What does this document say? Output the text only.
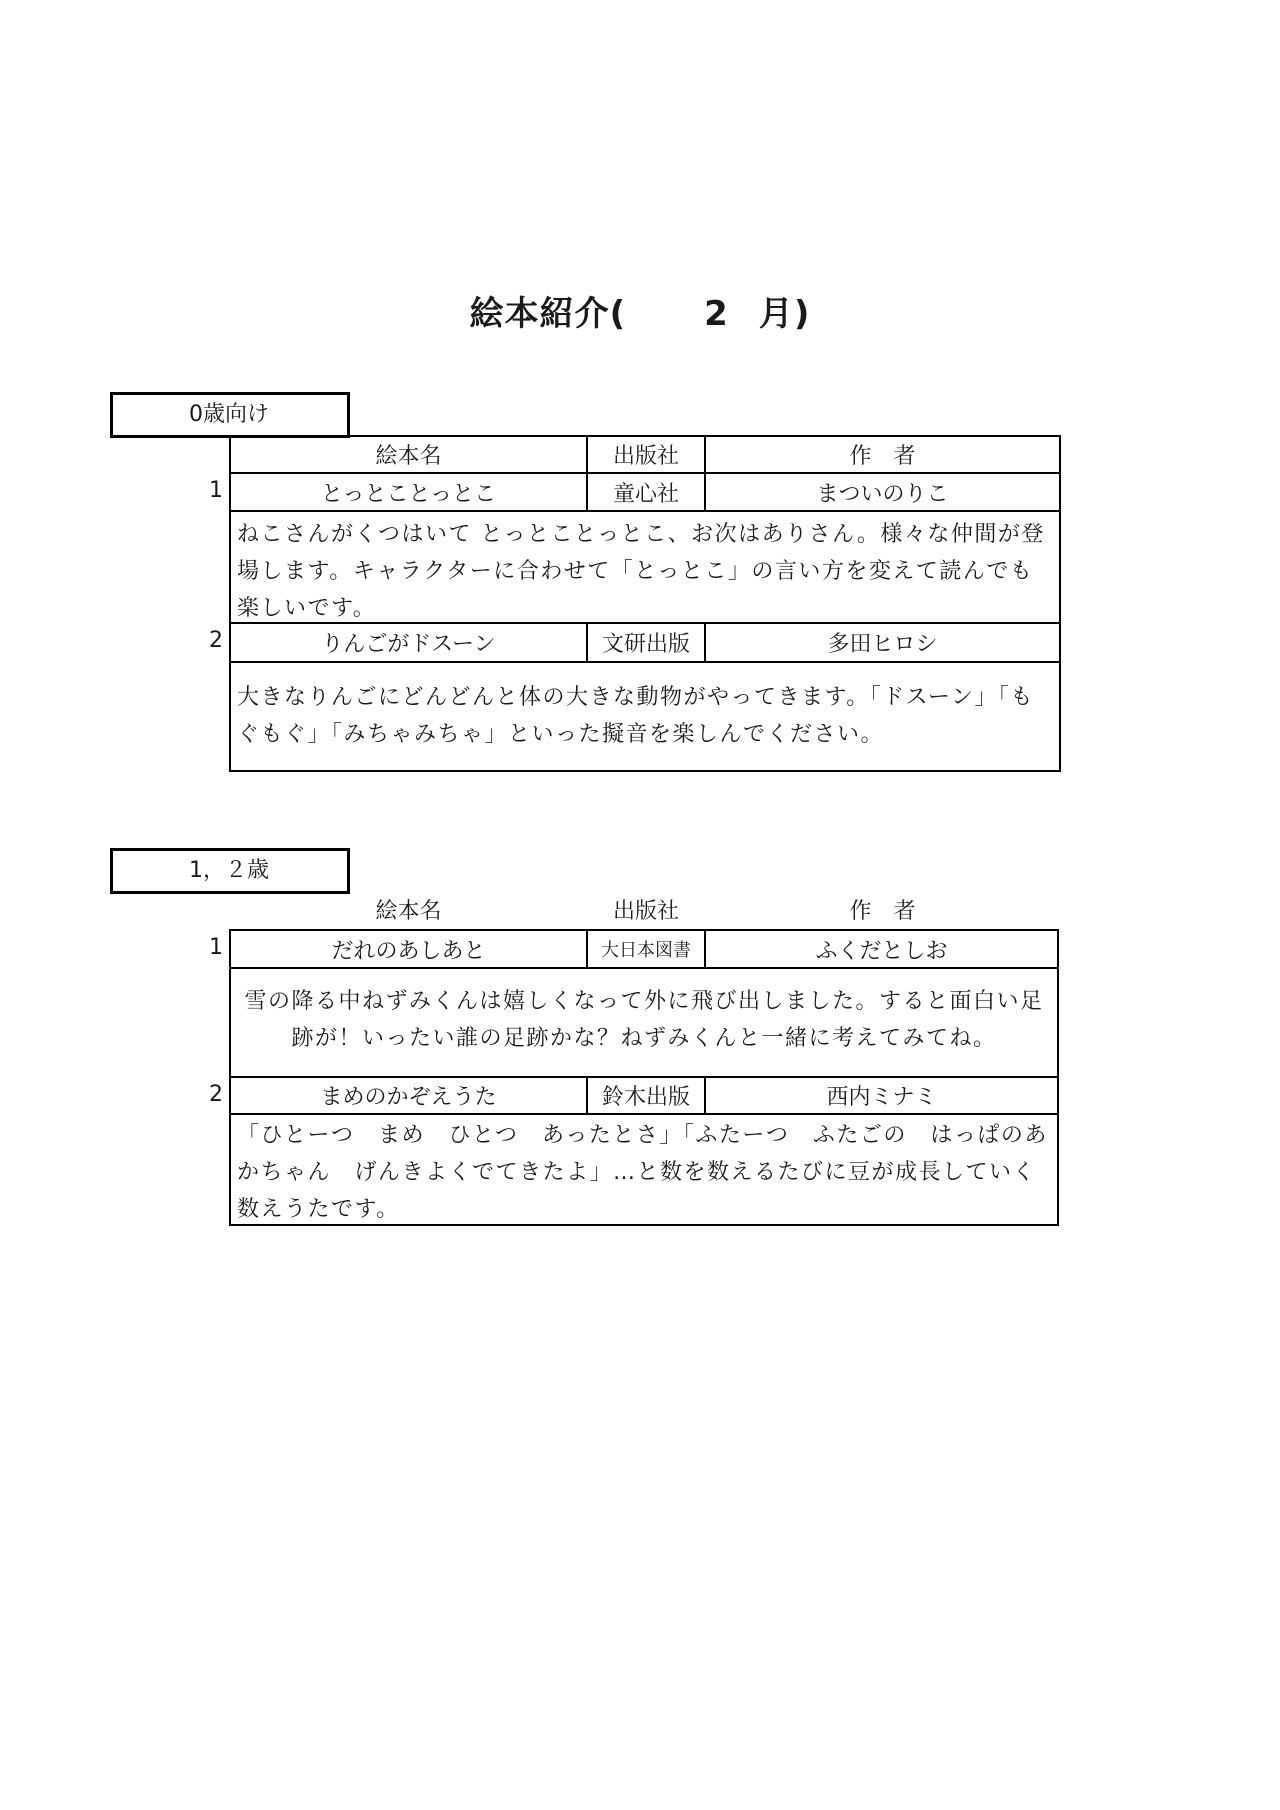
絵本紹介( 2 月)
0歳向け
絵本名	出版社	作　者
1	とっとことっとこ	童心社	まついのりこ
ねこさんがくつはいて とっとことっとこ、お次はありさん。様々な仲間が登場します。キャラクターに合わせて「とっとこ」の言い方を変えて読んでも楽しいです。
2	りんごがドスーン	文研出版	多田ヒロシ
大きなりんごにどんどんと体の大きな動物がやってきます。「ドスーン」「もぐもぐ」「みちゃみちゃ」といった擬音を楽しんでください。
1，２歳
絵本名	出版社	作　者
1	だれのあしあと	大日本図書	ふくだとしお
雪の降る中ねずみくんは嬉しくなって外に飛び出しました。すると面白い足跡が！いったい誰の足跡かな？ねずみくんと一緒に考えてみてね。
2	まめのかぞえうた	鈴木出版	西内ミナミ
「ひとーつ　まめ　ひとつ　あったとさ」「ふたーつ　ふたごの　はっぱのあかちゃん　げんきよくでてきたよ」…と数を数えるたびに豆が成長していく数えうたです。
